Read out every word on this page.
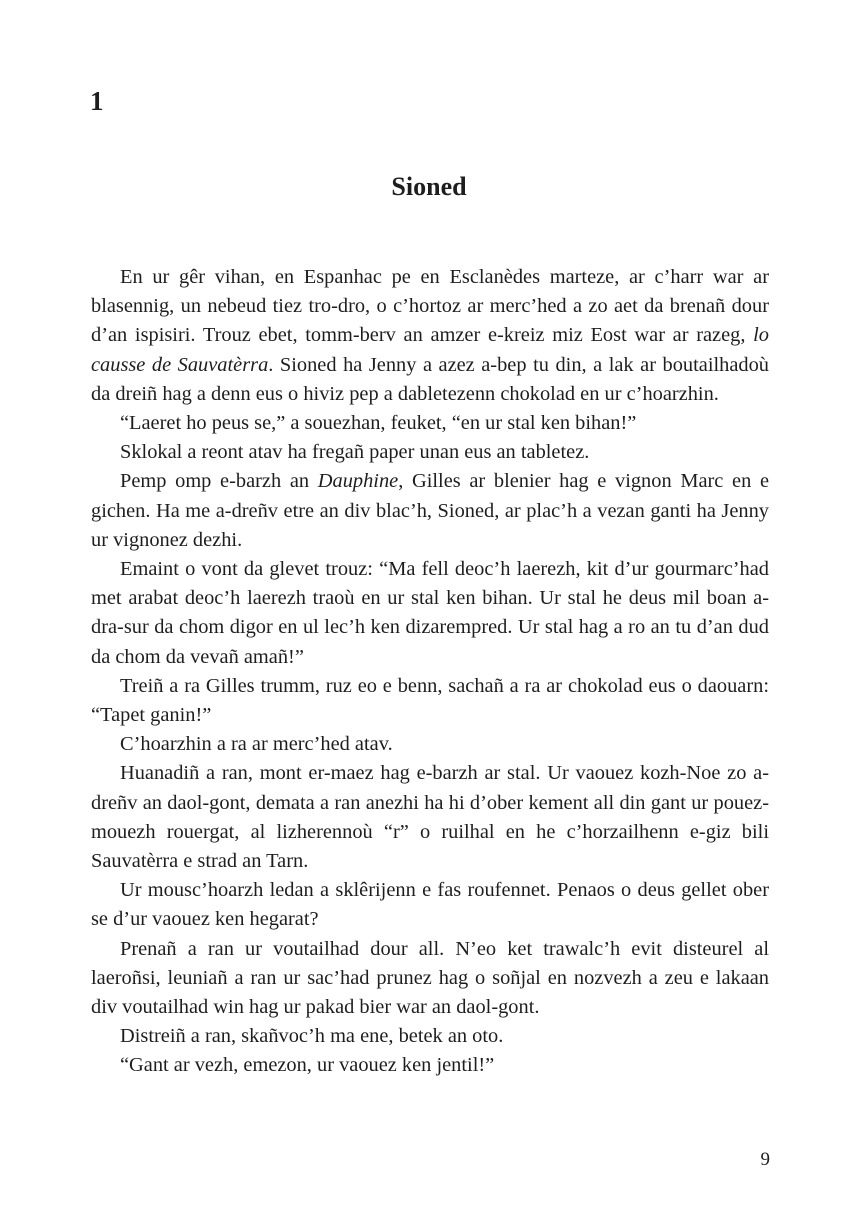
1
Sioned

En ur gêr vihan, en Espanhac pe en Esclanèdes marteze, ar c’harr war ar blasennig, un nebeud tiez tro-dro, o c’hortoz ar merc’hed a zo aet da brenañ dour d’an ispisiri. Trouz ebet, tomm-berv an amzer e-kreiz miz Eost war ar razeg, lo causse de Sauvatèrra. Sioned ha Jenny a azez a-bep tu din, a lak ar boutailhadoù da dreiñ hag a denn eus o hiviz pep a dabletezenn chokolad en ur c’hoarzhin.

“Laeret ho peus se,” a souezhan, feuket, “en ur stal ken bihan!”

Sklokal a reont atav ha fregañ paper unan eus an tabletez.

Pemp omp e-barzh an Dauphine, Gilles ar blenier hag e vignon Marc en e gichen. Ha me a-dreñv etre an div blac’h, Sioned, ar plac’h a vezan ganti ha Jenny ur vignonez dezhi.

Emaint o vont da glevet trouz: “Ma fell deoc’h laerezh, kit d’ur gourmarc’had met arabat deoc’h laerezh traoù en ur stal ken bihan. Ur stal he deus mil boan a-dra-sur da chom digor en ul lec’h ken dizarempred. Ur stal hag a ro an tu d’an dud da chom da vevañ amañ!”

Treiñ a ra Gilles trumm, ruz eo e benn, sachañ a ra ar chokolad eus o daouarn: “Tapet ganin!”

C’hoarzhin a ra ar merc’hed atav.

Huanadiñ a ran, mont er-maez hag e-barzh ar stal. Ur vaouez kozh-Noe zo a-dreñv an daol-gont, demata a ran anezhi ha hi d’ober kement all din gant ur pouez-mouezh rouergat, al lizherennoù “r” o ruilhal en he c’horzailhenn e-giz bili Sauvatèrra e strad an Tarn.

Ur mousc’hoarzh ledan a sklêrijenn e fas roufennet. Penaos o deus gellet ober se d’ur vaouez ken hegarat?

Prenañ a ran ur voutailhad dour all. N’eo ket trawalc’h evit disteurel al laeroñsi, leuniañ a ran ur sac’had prunez hag o soñjal en nozvezh a zeu e lakaan div voutailhad win hag ur pakad bier war an daol-gont.

Distreiñ a ran, skañvoc’h ma ene, betek an oto.

“Gant ar vezh, emezon, ur vaouez ken jentil!”

9
